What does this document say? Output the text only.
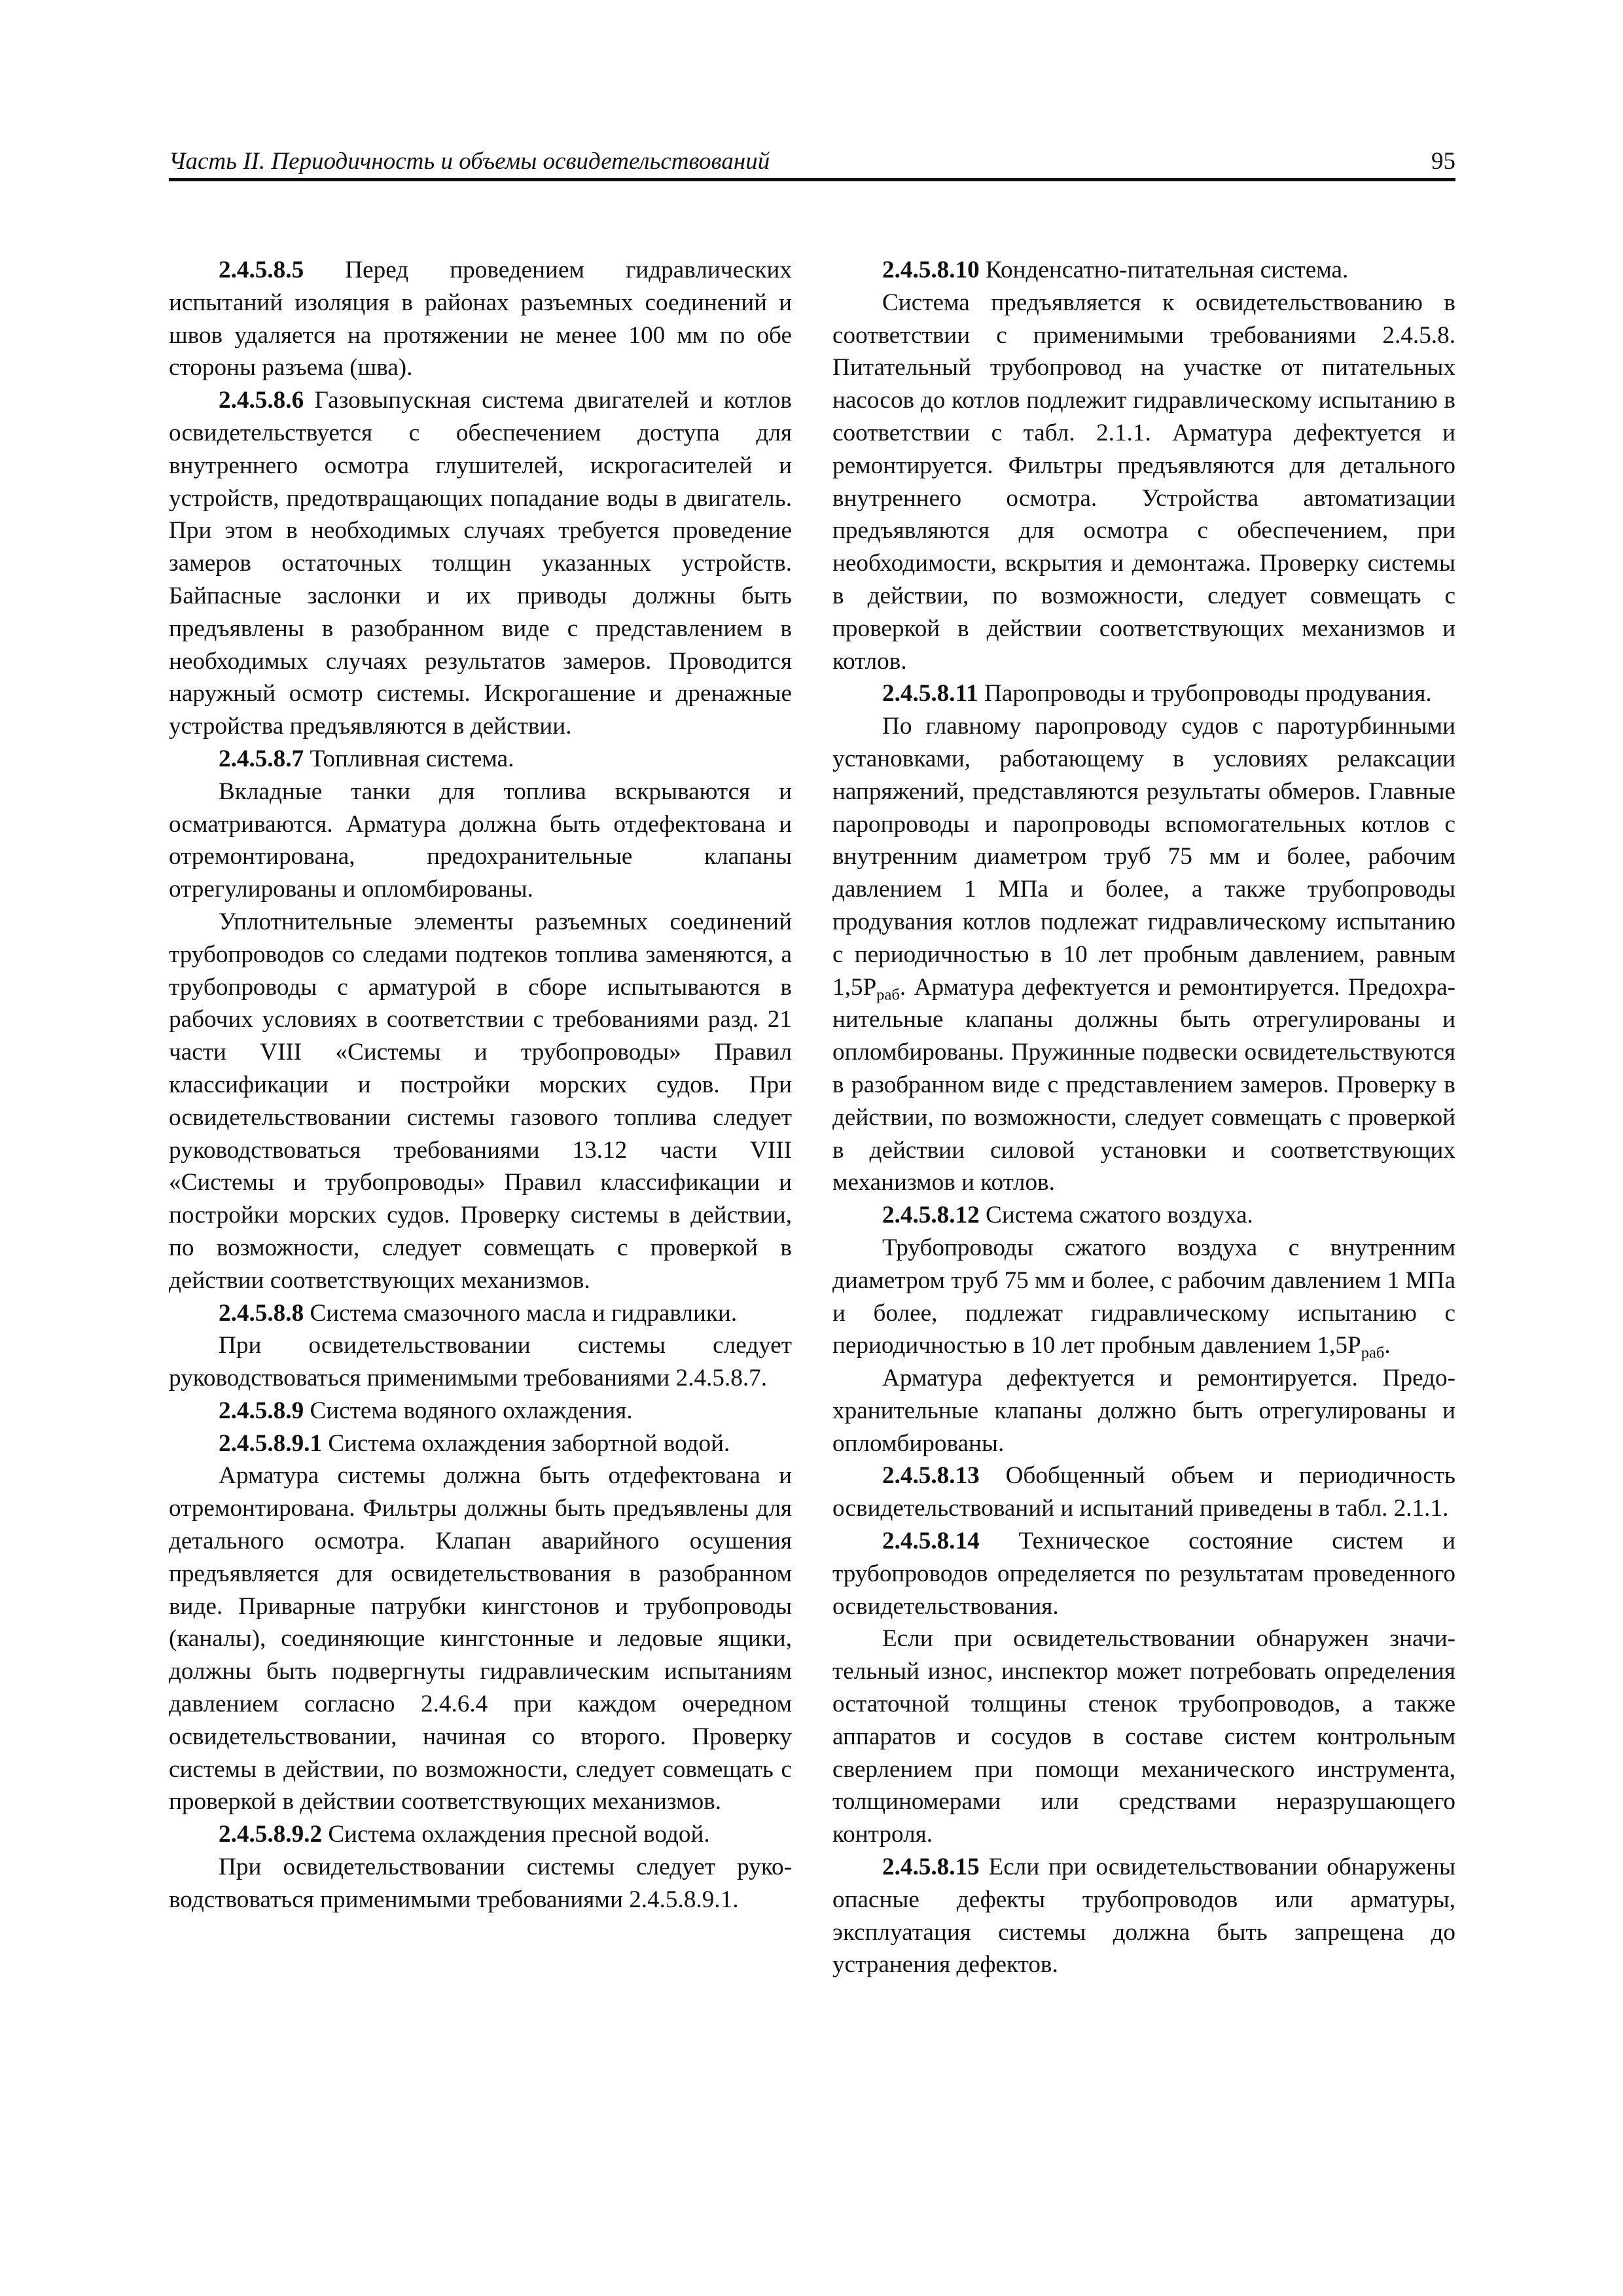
Часть II. Периодичность и объемы освидетельствований	95

2.4.5.8.5 Перед проведением гидравлических испытаний изоляция в районах разъемных соединений и швов удаляется на протяжении не менее 100 мм по обе стороны разъема (шва).

2.4.5.8.6 Газовыпускная система двигателей и котлов освидетельствуется с обеспечением доступа для внутреннего осмотра глушителей, искрогасителей и устройств, предотвращающих попадание воды в двигатель. При этом в необходимых случаях требуется проведение замеров остаточных толщин указанных устройств. Байпасные заслонки и их приводы должны быть предъявлены в разобранном виде с представлением в необходимых случаях результатов замеров. Проводится наружный осмотр системы. Искрогашение и дренажные устройства предъявляются в действии.

2.4.5.8.7 Топливная система.

Вкладные танки для топлива вскрываются и осматриваются. Арматура должна быть отдефектована и отремонтирована, предохранительные клапаны отрегулированы и опломбированы.

Уплотнительные элементы разъемных соединений трубопроводов со следами подтеков топлива заменяются, а трубопроводы с арматурой в сборе испытываются в рабочих условиях в соответствии с требованиями разд. 21 части VIII «Системы и трубопроводы» Правил классификации и постройки морских судов. При освидетельствовании системы газового топлива следует руководствоваться требованиями 13.12 части VIII «Системы и трубопроводы» Правил классификации и постройки морских судов. Проверку системы в действии, по возможности, следует совмещать с проверкой в действии соответствующих механизмов.

2.4.5.8.8 Система смазочного масла и гидравлики.

При освидетельствовании системы следует руководствоваться применимыми требованиями 2.4.5.8.7.

2.4.5.8.9 Система водяного охлаждения.

2.4.5.8.9.1 Система охлаждения забортной водой.

Арматура системы должна быть отдефектована и отремонтирована. Фильтры должны быть предъявлены для детального осмотра. Клапан аварийного осушения предъявляется для освидетельствования в разобранном виде. Приварные патрубки кингстонов и трубопроводы (каналы), соединяющие кингстонные и ледовые ящики, должны быть подвергнуты гидравлическим испытаниям давлением согласно 2.4.6.4 при каждом очередном освидетельствовании, начиная со второго. Проверку системы в действии, по возможности, следует совмещать с проверкой в действии соответствующих механизмов.

2.4.5.8.9.2 Система охлаждения пресной водой.

При освидетельствовании системы следует руководствоваться применимыми требованиями 2.4.5.8.9.1.

2.4.5.8.10 Конденсатно-питательная система.

Система предъявляется к освидетельствованию в соответствии с применимыми требованиями 2.4.5.8. Питательный трубопровод на участке от питательных насосов до котлов подлежит гидравлическому испытанию в соответствии с табл. 2.1.1. Арматура дефектуется и ремонтируется. Фильтры предъявляются для детального внутреннего осмотра. Устройства автоматизации предъявляются для осмотра с обеспечением, при необходимости, вскрытия и демонтажа. Проверку системы в действии, по возможности, следует совмещать с проверкой в действии соответствующих механизмов и котлов.

2.4.5.8.11 Паропроводы и трубопроводы продувания.

По главному паропроводу судов с паротурбинными установками, работающему в условиях релаксации напряжений, представляются результаты обмеров. Главные паропроводы и паропроводы вспомогательных котлов с внутренним диаметром труб 75 мм и более, рабочим давлением 1 МПа и более, а также трубопроводы продувания котлов подлежат гидравлическому испытанию с периодичностью в 10 лет пробным давлением, равным $1,5P_{раб}$. Арматура дефектуется и ремонтируется. Предохранительные клапаны должны быть отрегулированы и опломбированы. Пружинные подвески освидетельствуются в разобранном виде с представлением замеров. Проверку в действии, по возможности, следует совмещать с проверкой в действии силовой установки и соответствующих механизмов и котлов.

2.4.5.8.12 Система сжатого воздуха.

Трубопроводы сжатого воздуха с внутренним диаметром труб 75 мм и более, с рабочим давлением 1 МПа и более, подлежат гидравлическому испытанию с периодичностью в 10 лет пробным давлением $1,5P_{раб}$.

Арматура дефектуется и ремонтируется. Предохранительные клапаны должно быть отрегулированы и опломбированы.

2.4.5.8.13 Обобщенный объем и периодичность освидетельствований и испытаний приведены в табл. 2.1.1.

2.4.5.8.14 Техническое состояние систем и трубопроводов определяется по результатам проведенного освидетельствования.

Если при освидетельствовании обнаружен значительный износ, инспектор может потребовать определения остаточной толщины стенок трубопроводов, а также аппаратов и сосудов в составе систем контрольным сверлением при помощи механического инструмента, толщиномерами или средствами неразрушающего контроля.

2.4.5.8.15 Если при освидетельствовании обнаружены опасные дефекты трубопроводов или арматуры, эксплуатация системы должна быть запрещена до устранения дефектов.
